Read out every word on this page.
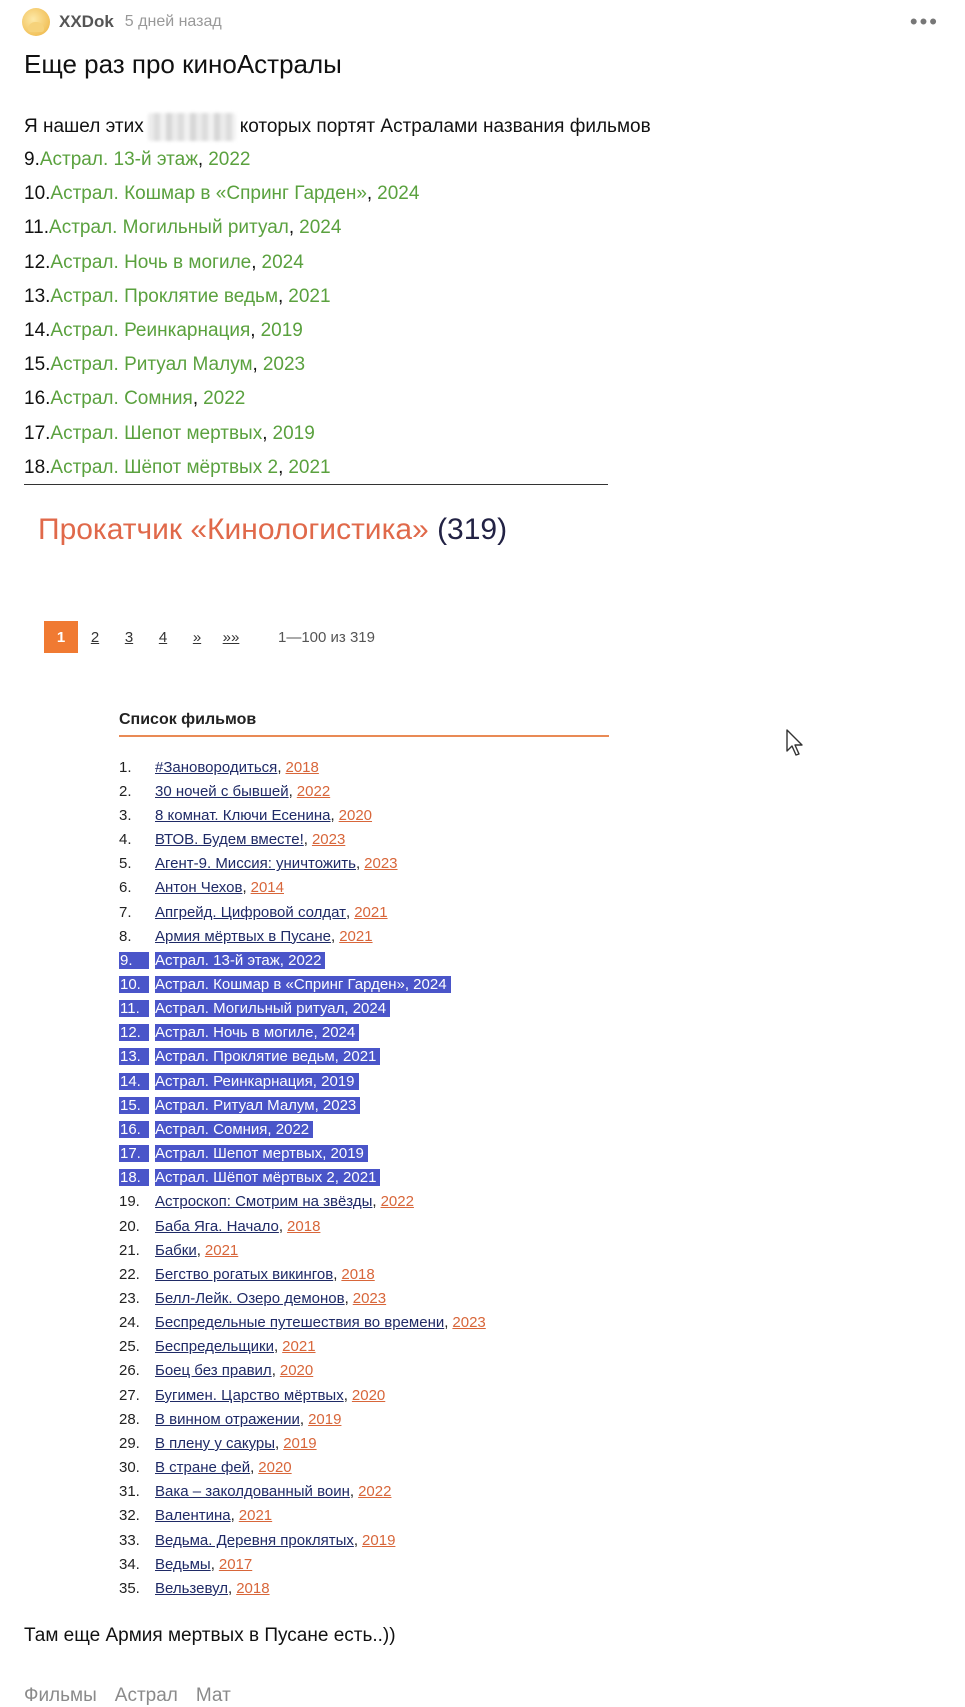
XXDok 5 дней назад	•••
Еще раз про киноАстралы
Я нашел этих	которых портят Астралами названия фильмов
9. Астрал. 13-й этаж , 2022
10. Астрал. Кошмар в «Спринг Гарден» , 2024
11. Астрал. Могильный ритуал , 2024
12. Астрал. Ночь в могиле , 2024
13. Астрал. Проклятие ведьм , 2021
14. Астрал. Реинкарнация , 2019
15. Астрал. Ритуал Малум , 2023
16. Астрал. Сомния , 2022
17. Астрал. Шепот мертвых , 2019
18. Астрал. Шёпот мёртвых 2 , 2021
Прокатчик «Кинологистика» (319)
1	2	3	4	»	»»	1—100 из 319
Список фильмов
1.	#Зановородиться , 2018
2.	30 ночей с бывшей , 2022
3.	8 комнат. Ключи Есенина , 2020
4.	ВТОВ. Будем вместе! , 2023
5.	Агент-9. Миссия: уничтожить , 2023
6.	Антон Чехов , 2014
7.	Апгрейд. Цифровой солдат , 2021
8.	Армия мёртвых в Пусане , 2021
9.	Астрал. 13-й этаж, 2022
10. Астрал. Кошмар в «Спринг Гарден», 2024
11.	Астрал. Могильный ритуал, 2024
12. Астрал. Ночь в могиле, 2024
13. Астрал. Проклятие ведьм, 2021
14. Астрал. Реинкарнация, 2019
15. Астрал. Ритуал Малум, 2023
16. Астрал. Сомния, 2022
17. Астрал. Шепот мертвых, 2019
18. Астрал. Шёпот мёртвых 2, 2021
19.	Астроскоп: Смотрим на звёзды , 2022
20.	Баба Яга. Начало , 2018
21.	Бабки , 2021
22.	Бегство рогатых викингов , 2018
23.	Белл-Лейк. Озеро демонов , 2023
24.	Беспредельные путешествия во времени , 2023
25.	Беспредельщики , 2021
26.	Боец без правил , 2020
27.	Бугимен. Царство мёртвых , 2020
28.	В винном отражении , 2019
29.	В плену у сакуры , 2019
30.	В стране фей , 2020
31.	Вака – заколдованный воин , 2022
32.	Валентина , 2021
33.	Ведьма. Деревня проклятых , 2019
34.	Ведьмы , 2017
35.	Вельзевул , 2018

Там еще Армия мертвых в Пусане есть..))

Фильмы Астрал Мат
